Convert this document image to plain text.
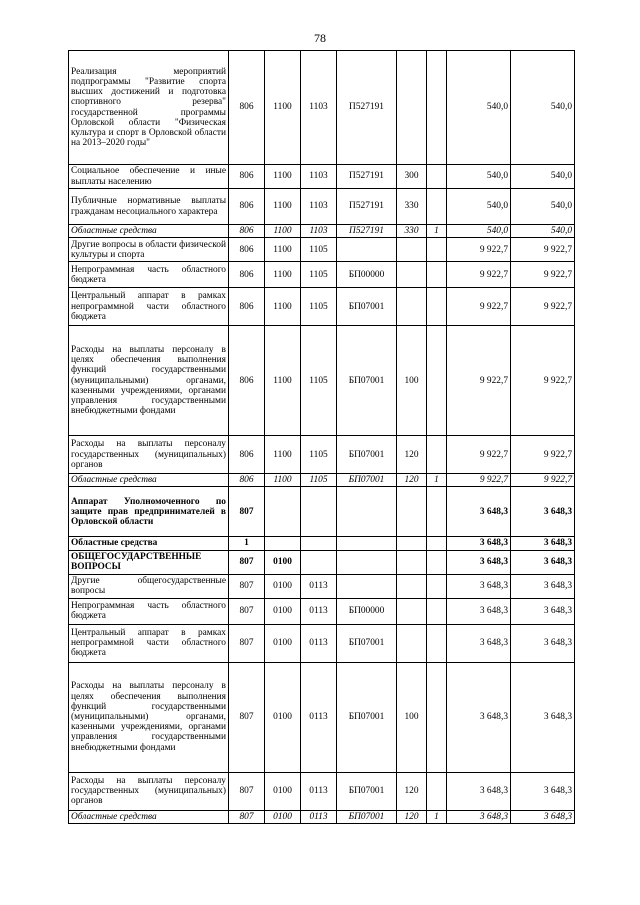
78
Реализация мероприятий подпрограммы "Развитие спорта высших достижений и подготовка спортивного резерва" государственной программы Орловской области "Физическая культура и спорт в Орловской области на 2013–2020 годы"	806	1100	1103	П527191			540,0	540,0
Социальное обеспечение и иные выплаты населению	806	1100	1103	П527191	300		540,0	540,0
Публичные нормативные выплаты гражданам несоциального характера	806	1100	1103	П527191	330		540,0	540,0
Областные средства	806	1100	1103	П527191	330	1	540,0	540,0
Другие вопросы в области физической культуры и спорта	806	1100	1105				9 922,7	9 922,7
Непрограммная часть областного бюджета	806	1100	1105	БП00000			9 922,7	9 922,7
Центральный аппарат в рамках непрограммной части областного бюджета	806	1100	1105	БП07001			9 922,7	9 922,7
Расходы на выплаты персоналу в целях обеспечения выполнения функций государственными (муниципальными) органами, казенными учреждениями, органами управления государственными внебюджетными фондами	806	1100	1105	БП07001	100		9 922,7	9 922,7
Расходы на выплаты персоналу государственных (муниципальных) органов	806	1100	1105	БП07001	120		9 922,7	9 922,7
Областные средства	806	1100	1105	БП07001	120	1	9 922,7	9 922,7
Аппарат Уполномоченного по защите прав предпринимателей в Орловской области	807						3 648,3	3 648,3
Областные средства	1						3 648,3	3 648,3
ОБЩЕГОСУДАРСТВЕННЫЕ ВОПРОСЫ	807	0100					3 648,3	3 648,3
Другие общегосударственные вопросы	807	0100	0113				3 648,3	3 648,3
Непрограммная часть областного бюджета	807	0100	0113	БП00000			3 648,3	3 648,3
Центральный аппарат в рамках непрограммной части областного бюджета	807	0100	0113	БП07001			3 648,3	3 648,3
Расходы на выплаты персоналу в целях обеспечения выполнения функций государственными (муниципальными) органами, казенными учреждениями, органами управления государственными внебюджетными фондами	807	0100	0113	БП07001	100		3 648,3	3 648,3
Расходы на выплаты персоналу государственных (муниципальных) органов	807	0100	0113	БП07001	120		3 648,3	3 648,3
Областные средства	807	0100	0113	БП07001	120	1	3 648,3	3 648,3
